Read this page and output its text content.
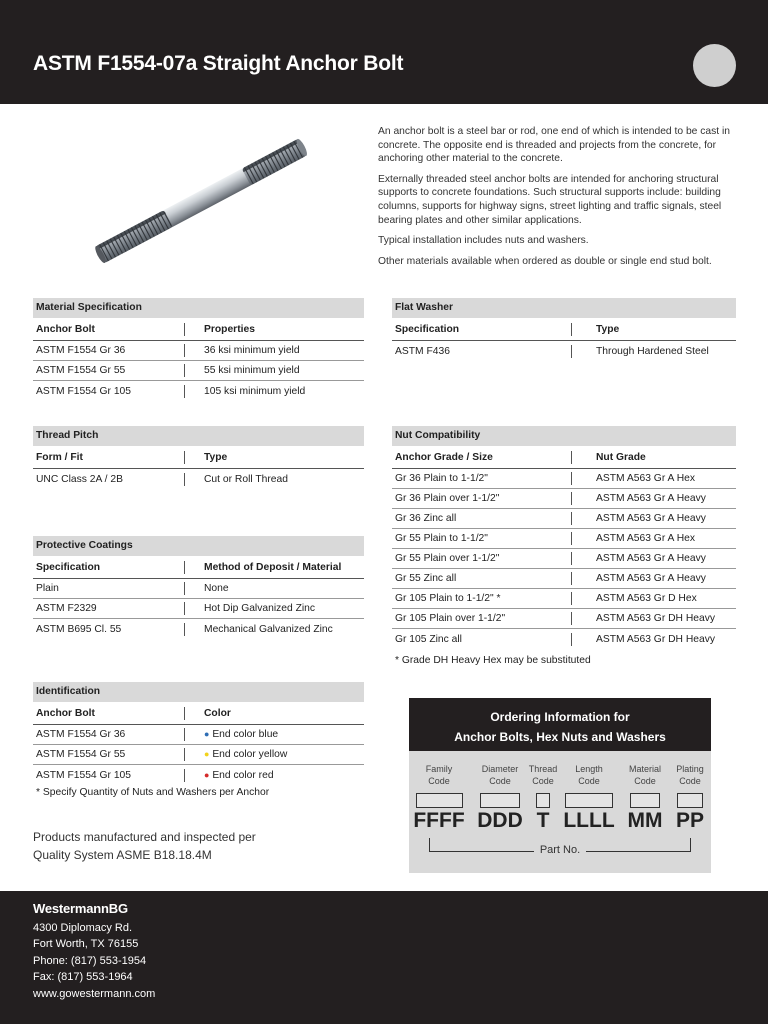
ASTM F1554-07a Straight Anchor Bolt

An anchor bolt is a steel bar or rod, one end of which is intended to be cast in concrete. The opposite end is threaded and projects from the concrete, for anchoring other material to the concrete.

Externally threaded steel anchor bolts are intended for anchoring structural supports to concrete foundations. Such structural supports include: building columns, supports for highway signs, street lighting and traffic signals, steel bearing plates and other similar applications.

Typical installation includes nuts and washers.

Other materials available when ordered as double or single end stud bolt.

Material Specification
Anchor Bolt	Properties
ASTM F1554 Gr 36	36 ksi minimum yield
ASTM F1554 Gr 55	55 ksi minimum yield
ASTM F1554 Gr 105	105 ksi minimum yield
Flat Washer
Specification	Type
ASTM F436	Through Hardened Steel
Thread Pitch
Form / Fit	Type
UNC Class 2A / 2B	Cut or Roll Thread
Nut Compatibility
Anchor Grade / Size	Nut Grade
Gr 36 Plain to 1-1/2"	ASTM A563 Gr A Hex
Gr 36 Plain over 1-1/2"	ASTM A563 Gr A Heavy
Gr 36 Zinc all	ASTM A563 Gr A Heavy
Gr 55 Plain to 1-1/2"	ASTM A563 Gr A Hex
Gr 55 Plain over 1-1/2"	ASTM A563 Gr A Heavy
Gr 55 Zinc all	ASTM A563 Gr A Heavy
Gr 105 Plain to 1-1/2" *	ASTM A563 Gr D Hex
Gr 105 Plain over 1-1/2"	ASTM A563 Gr DH Heavy
Gr 105 Zinc all	ASTM A563 Gr DH Heavy
* Grade DH Heavy Hex may be substituted
Protective Coatings
Specification	Method of Deposit / Material
Plain	None
ASTM F2329	Hot Dip Galvanized Zinc
ASTM B695 Cl. 55	Mechanical Galvanized Zinc
Identification
Anchor Bolt	Color
ASTM F1554 Gr 36	● End color blue
ASTM F1554 Gr 55	● End color yellow
ASTM F1554 Gr 105	● End color red
* Specify Quantity of Nuts and Washers per Anchor
Products manufactured and inspected per
Quality System ASME B18.18.4M
Ordering Information for
Anchor Bolts, Hex Nuts and Washers
Family
Code
FFFF
Diameter
Code
DDD
Thread
Code
T
Length
Code
LLLL
Material
Code
MM
Plating
Code
PP
Part No.
WestermannBG
4300 Diplomacy Rd.
Fort Worth, TX 76155
Phone: (817) 553-1954
Fax: (817) 553-1964
www.gowestermann.com
